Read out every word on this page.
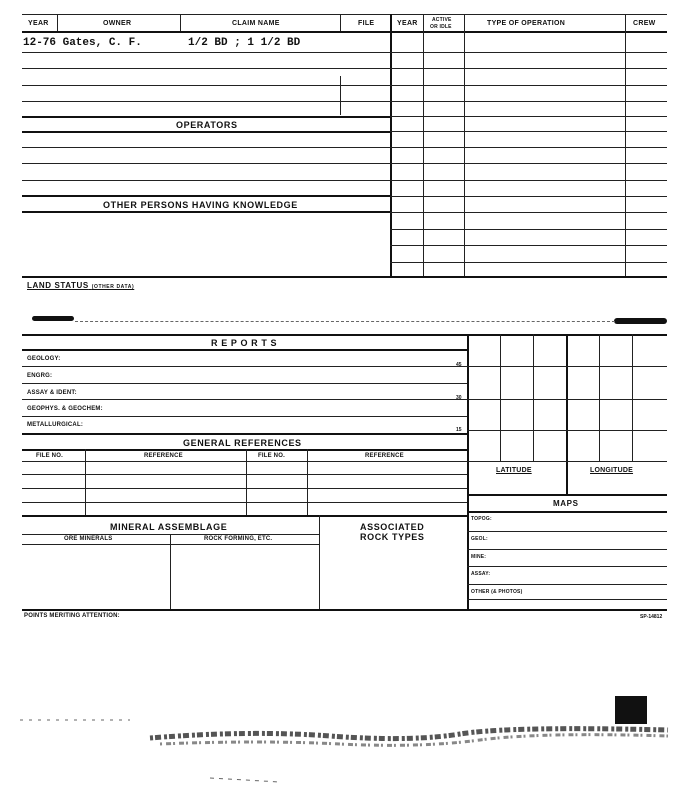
YEAR	OWNER	CLAIM NAME	FILE	YEAR	ACTIVE
OR IDLE	TYPE OF OPERATION	CREW
12-76 Gates, C. F.	1/2 BD ; 1 1/2 BD
OPERATORS
OTHER PERSONS HAVING KNOWLEDGE
LAND STATUS (OTHER DATA)
R E P O R T S
GEOLOGY:
45
ENGRG:
ASSAY & IDENT:
30
GEOPHYS. & GEOCHEM:
METALLURGICAL:
15
GENERAL REFERENCES
FILE NO.	REFERENCE	FILE NO.	REFERENCE
MINERAL ASSEMBLAGE
ORE MINERALS	ROCK FORMING, ETC.
ASSOCIATED
ROCK TYPES
LATITUDE	LONGITUDE
MAPS
TOPOG:
GEOL:
MINE:
ASSAY:
OTHER (& PHOTOS)
POINTS MERITING ATTENTION:	SP-14812
